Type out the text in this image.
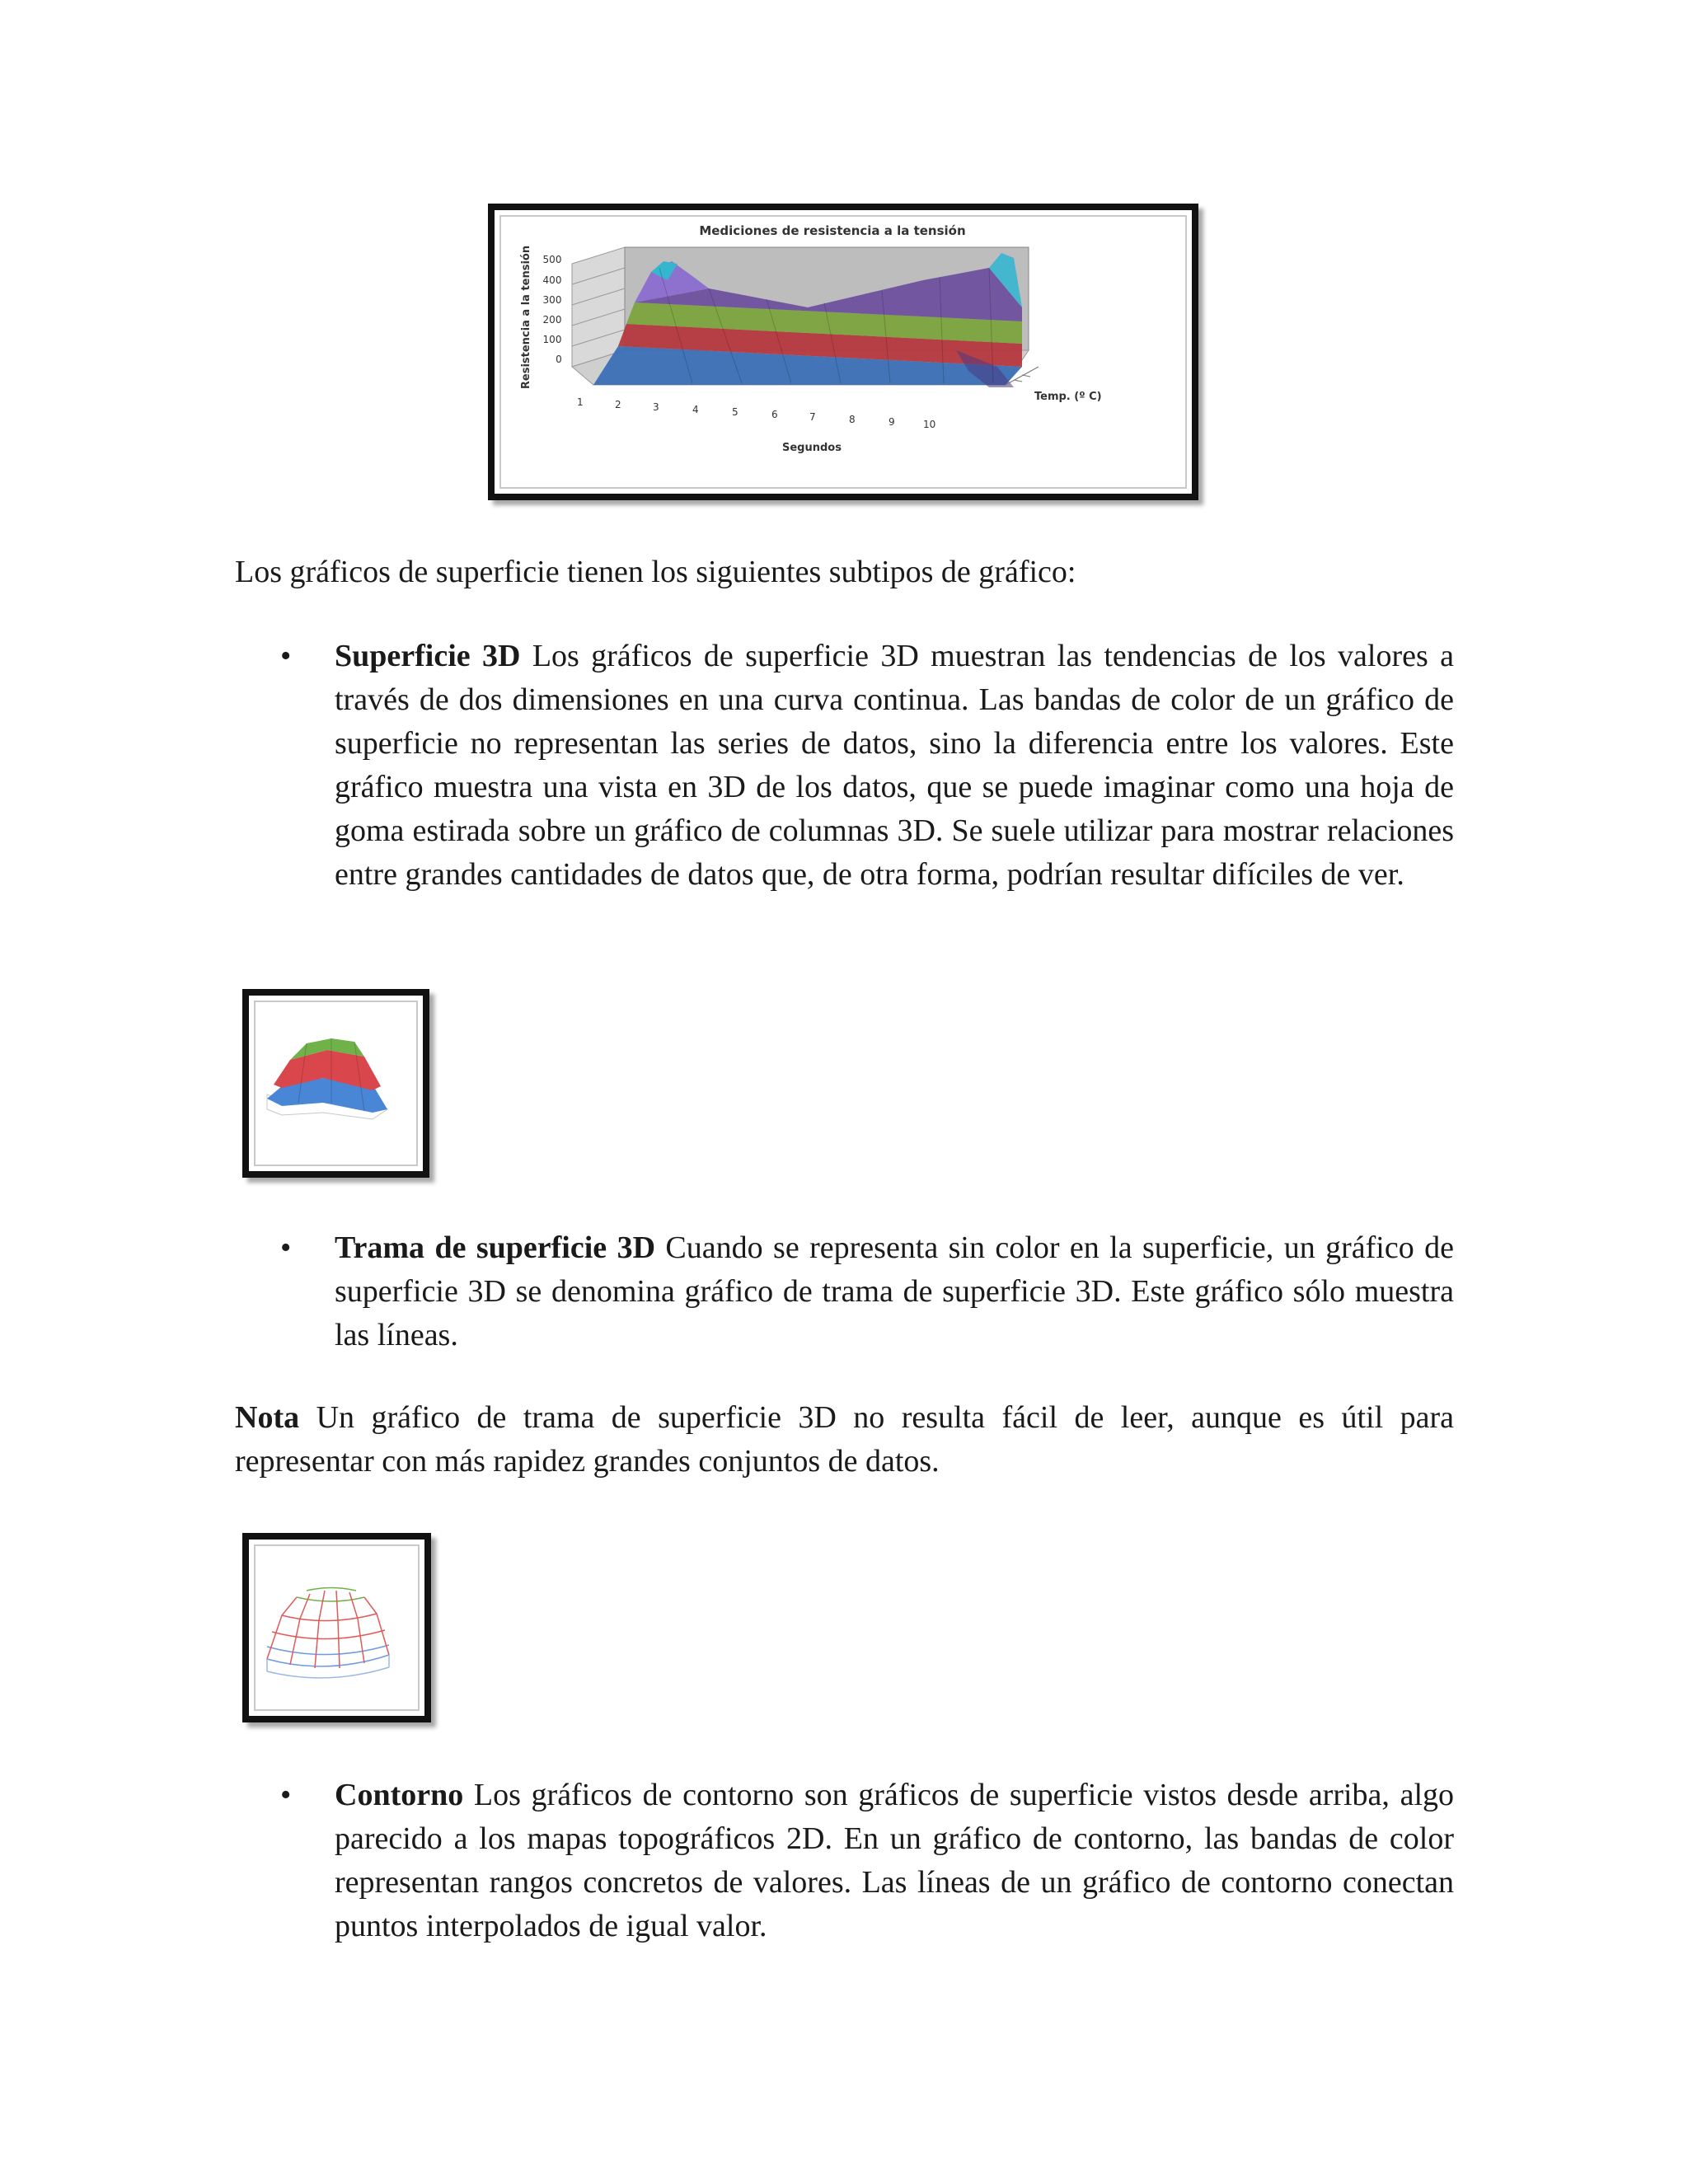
Mediciones de resistencia a la tensión
Resistencia a la tensión 500
400
300
200
100
0
1	2	3	4	5	6	7	8	9	10
Temp. (º C)
Segundos
Los gráficos de superficie tienen los siguientes subtipos de gráfico:
• Superficie 3D Los gráficos de superficie 3D muestran las tendencias de los valores a través de dos dimensiones en una curva continua. Las bandas de color de un gráfico de superficie no representan las series de datos, sino la diferencia entre los valores. Este gráfico muestra una vista en 3D de los datos, que se puede imaginar como una hoja de goma estirada sobre un gráfico de columnas 3D. Se suele utilizar para mostrar relaciones entre grandes cantidades de datos que, de otra forma, podrían resultar difíciles de ver.
• Trama de superficie 3D Cuando se representa sin color en la superficie, un gráfico de superficie 3D se denomina gráfico de trama de superficie 3D. Este gráfico sólo muestra las líneas.
Nota Un gráfico de trama de superficie 3D no resulta fácil de leer, aunque es útil para representar con más rapidez grandes conjuntos de datos.
• Contorno Los gráficos de contorno son gráficos de superficie vistos desde arriba, algo parecido a los mapas topográficos 2D. En un gráfico de contorno, las bandas de color representan rangos concretos de valores. Las líneas de un gráfico de contorno conectan puntos interpolados de igual valor.
